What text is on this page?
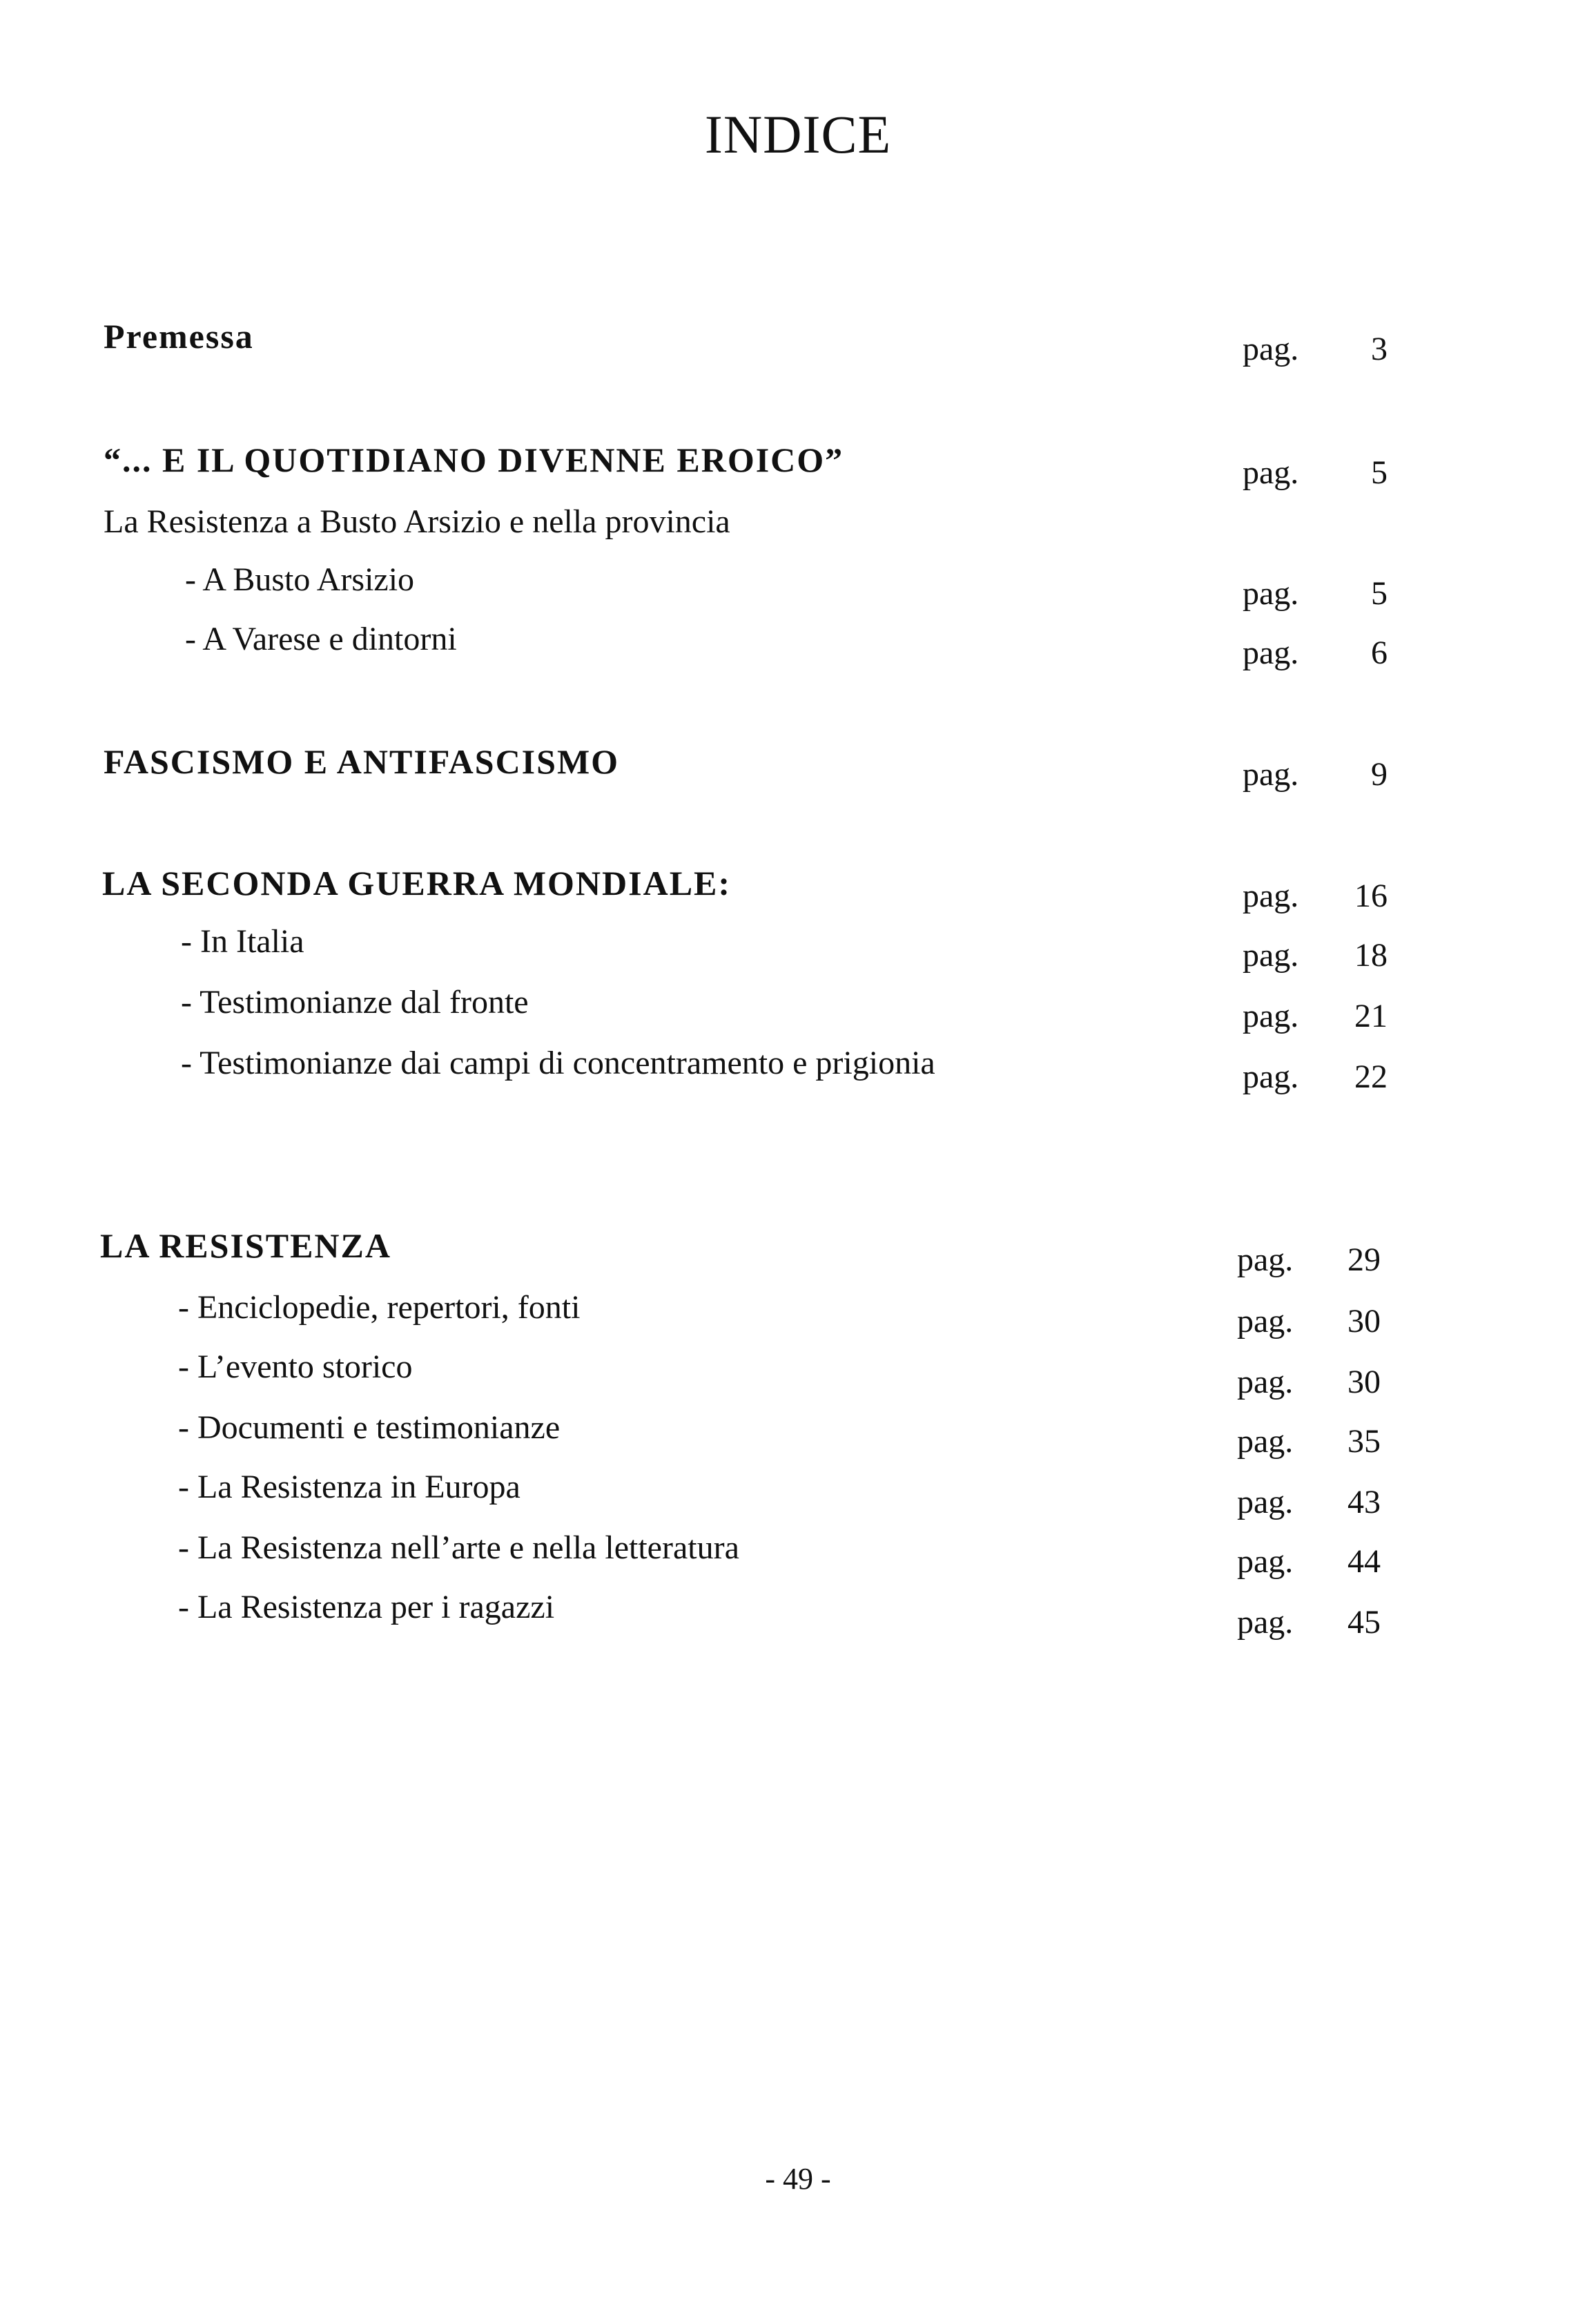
INDICE
Premessa	pag.	3
“... E IL QUOTIDIANO DIVENNE EROICO”	pag.	5
La Resistenza a Busto Arsizio e nella provincia
- A Busto Arsizio	pag.	5
- A Varese e dintorni	pag.	6
FASCISMO E ANTIFASCISMO	pag.	9
LA SECONDA GUERRA MONDIALE:	pag.	16
- In Italia	pag.	18
- Testimonianze dal fronte	pag.	21
- Testimonianze dai campi di concentramento e prigionia	pag.	22
LA RESISTENZA	pag.	29
- Enciclopedie, repertori, fonti	pag.	30
- L’evento storico	pag.	30
- Documenti e testimonianze	pag.	35
- La Resistenza in Europa	pag.	43
- La Resistenza nell’arte e nella letteratura	pag.	44
- La Resistenza per i ragazzi	pag.	45
- 49 -
